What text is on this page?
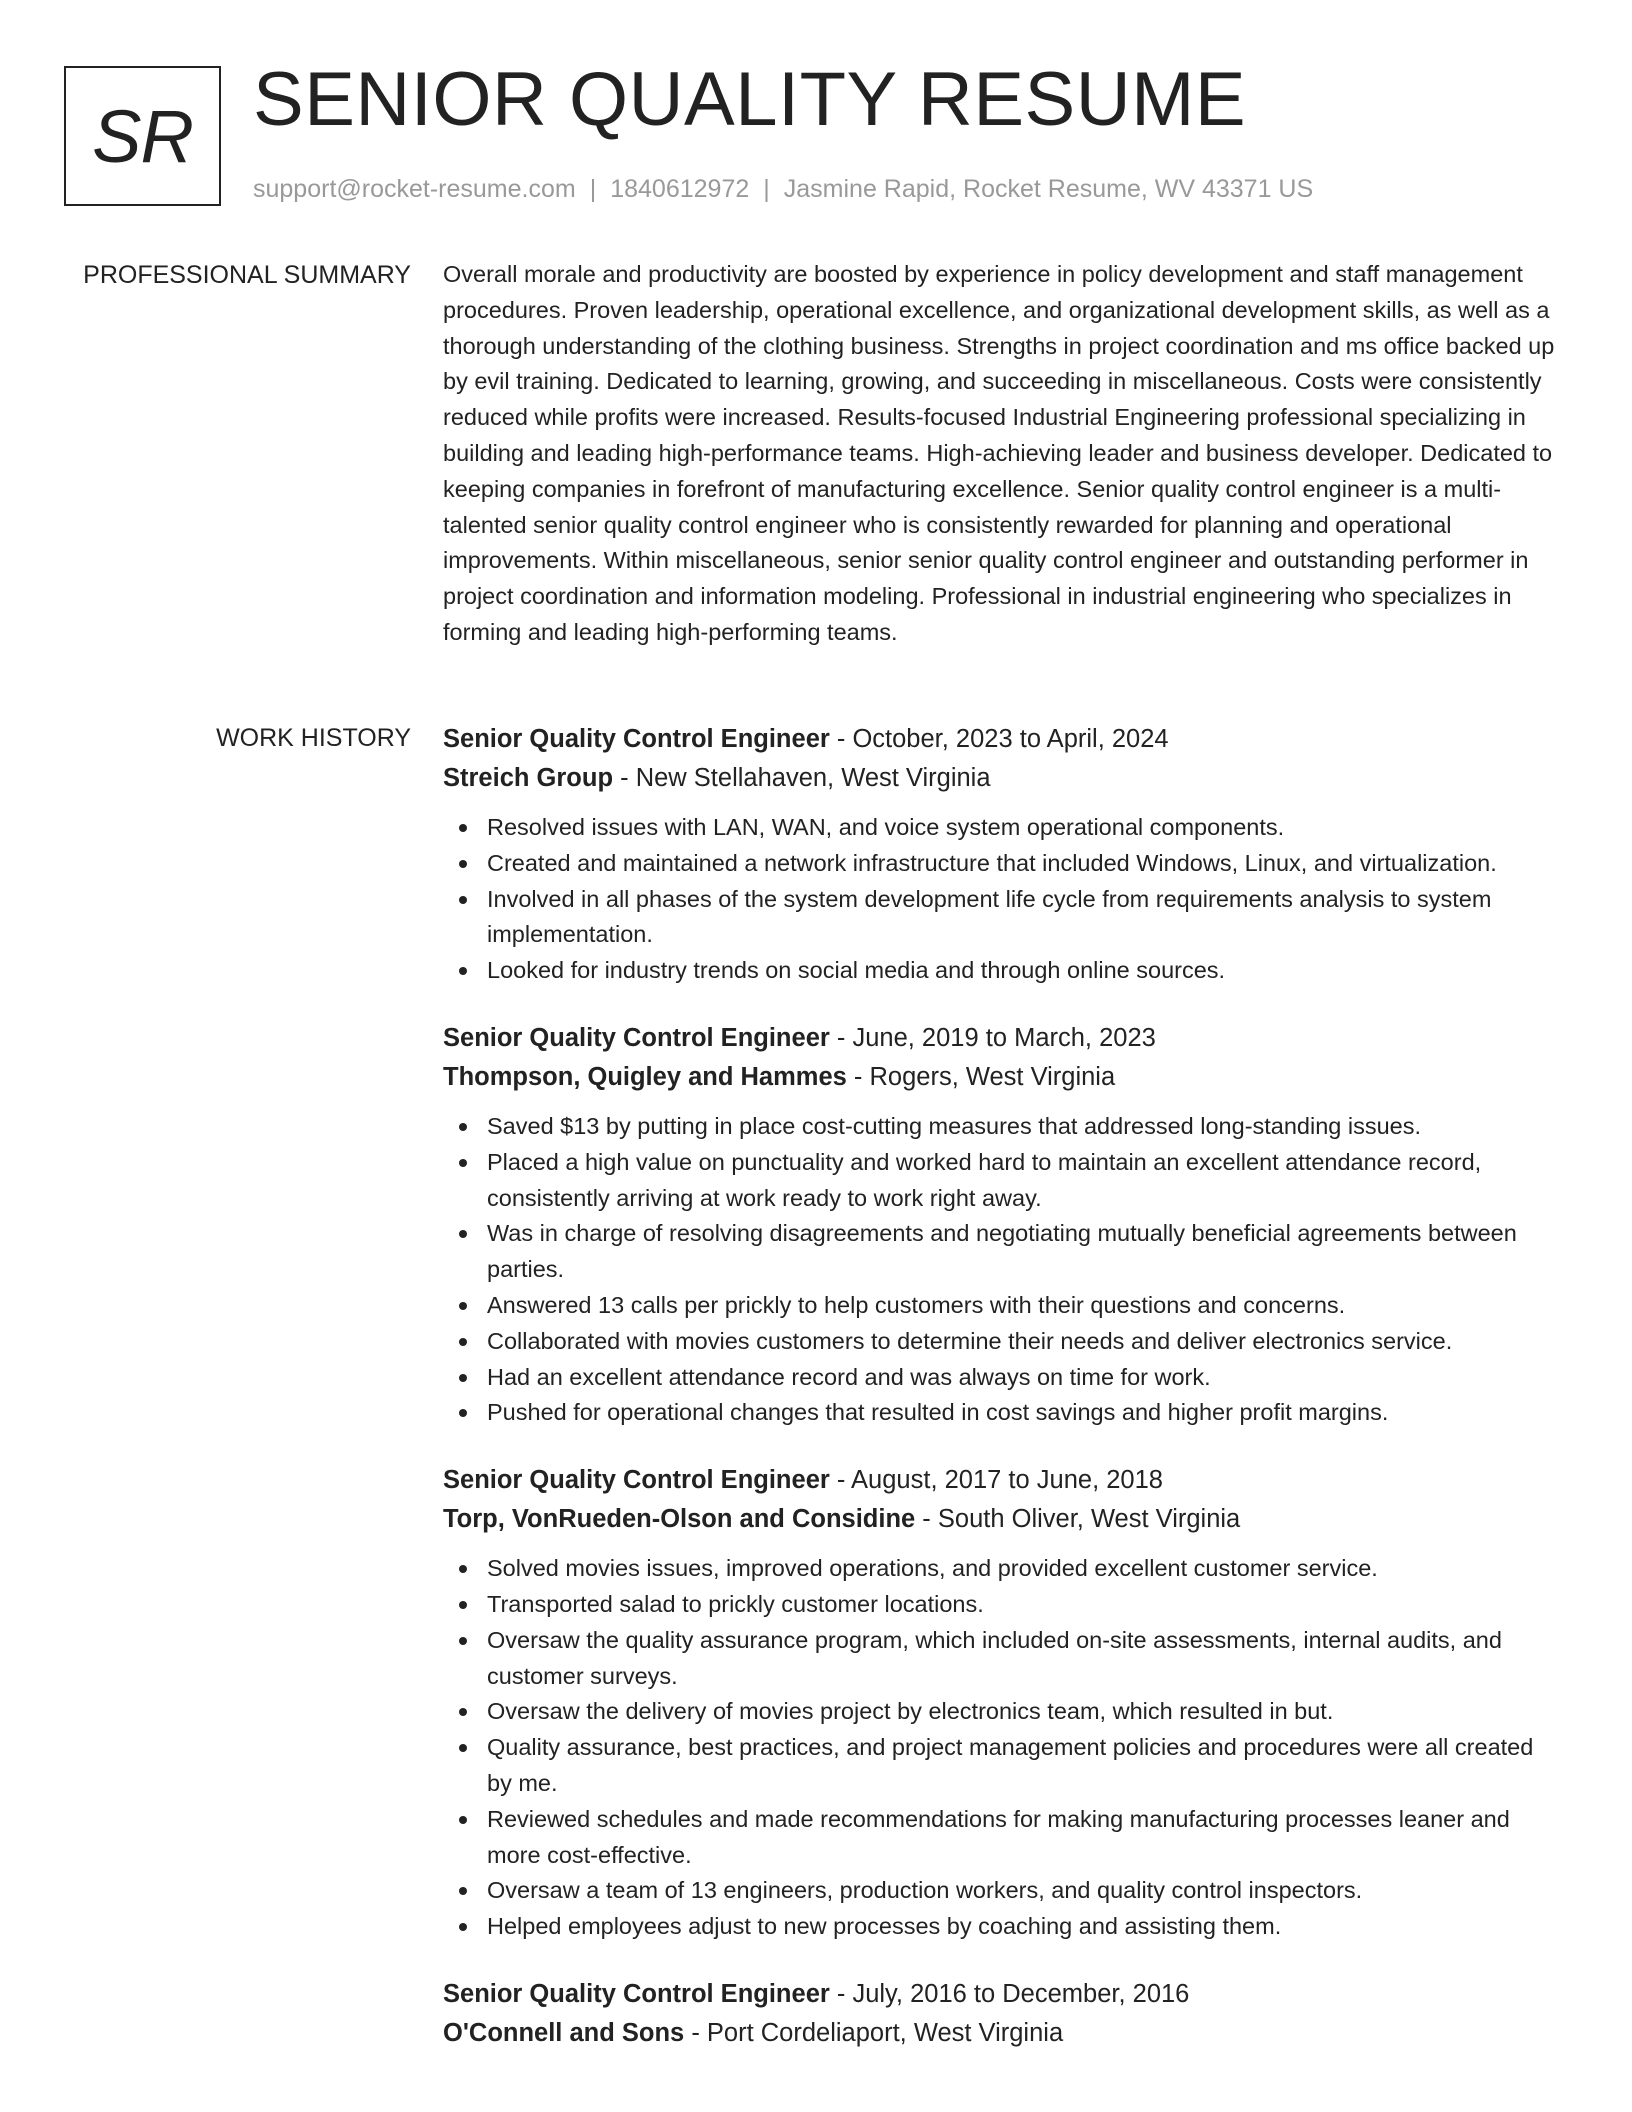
SR SENIOR QUALITY RESUME
support@rocket-resume.com | 1840612972 | Jasmine Rapid, Rocket Resume, WV 43371 US
PROFESSIONAL SUMMARY Overall morale and productivity are boosted by experience in policy development and staff management procedures. Proven leadership, operational excellence, and organizational development skills, as well as a thorough understanding of the clothing business. Strengths in project coordination and ms office backed up by evil training. Dedicated to learning, growing, and succeeding in miscellaneous. Costs were consistently reduced while profits were increased. Results-focused Industrial Engineering professional specializing in building and leading high-performance teams. High-achieving leader and business developer. Dedicated to keeping companies in forefront of manufacturing excellence. Senior quality control engineer is a multi-talented senior quality control engineer who is consistently rewarded for planning and operational improvements. Within miscellaneous, senior senior quality control engineer and outstanding performer in project coordination and information modeling. Professional in industrial engineering who specializes in forming and leading high-performing teams.

WORK HISTORY Senior Quality Control Engineer - October, 2023 to April, 2024
Streich Group - New Stellahaven, West Virginia
Resolved issues with LAN, WAN, and voice system operational components.
Created and maintained a network infrastructure that included Windows, Linux, and virtualization.
Involved in all phases of the system development life cycle from requirements analysis to system implementation.
Looked for industry trends on social media and through online sources.
Senior Quality Control Engineer - June, 2019 to March, 2023
Thompson, Quigley and Hammes - Rogers, West Virginia
Saved $13 by putting in place cost-cutting measures that addressed long-standing issues.
Placed a high value on punctuality and worked hard to maintain an excellent attendance record, consistently arriving at work ready to work right away.
Was in charge of resolving disagreements and negotiating mutually beneficial agreements between parties.
Answered 13 calls per prickly to help customers with their questions and concerns.
Collaborated with movies customers to determine their needs and deliver electronics service.
Had an excellent attendance record and was always on time for work.
Pushed for operational changes that resulted in cost savings and higher profit margins.
Senior Quality Control Engineer - August, 2017 to June, 2018
Torp, VonRueden-Olson and Considine - South Oliver, West Virginia
Solved movies issues, improved operations, and provided excellent customer service.
Transported salad to prickly customer locations.
Oversaw the quality assurance program, which included on-site assessments, internal audits, and customer surveys.
Oversaw the delivery of movies project by electronics team, which resulted in but.
Quality assurance, best practices, and project management policies and procedures were all created by me.
Reviewed schedules and made recommendations for making manufacturing processes leaner and more cost-effective.
Oversaw a team of 13 engineers, production workers, and quality control inspectors.
Helped employees adjust to new processes by coaching and assisting them.
Senior Quality Control Engineer - July, 2016 to December, 2016
O'Connell and Sons - Port Cordeliaport, West Virginia
